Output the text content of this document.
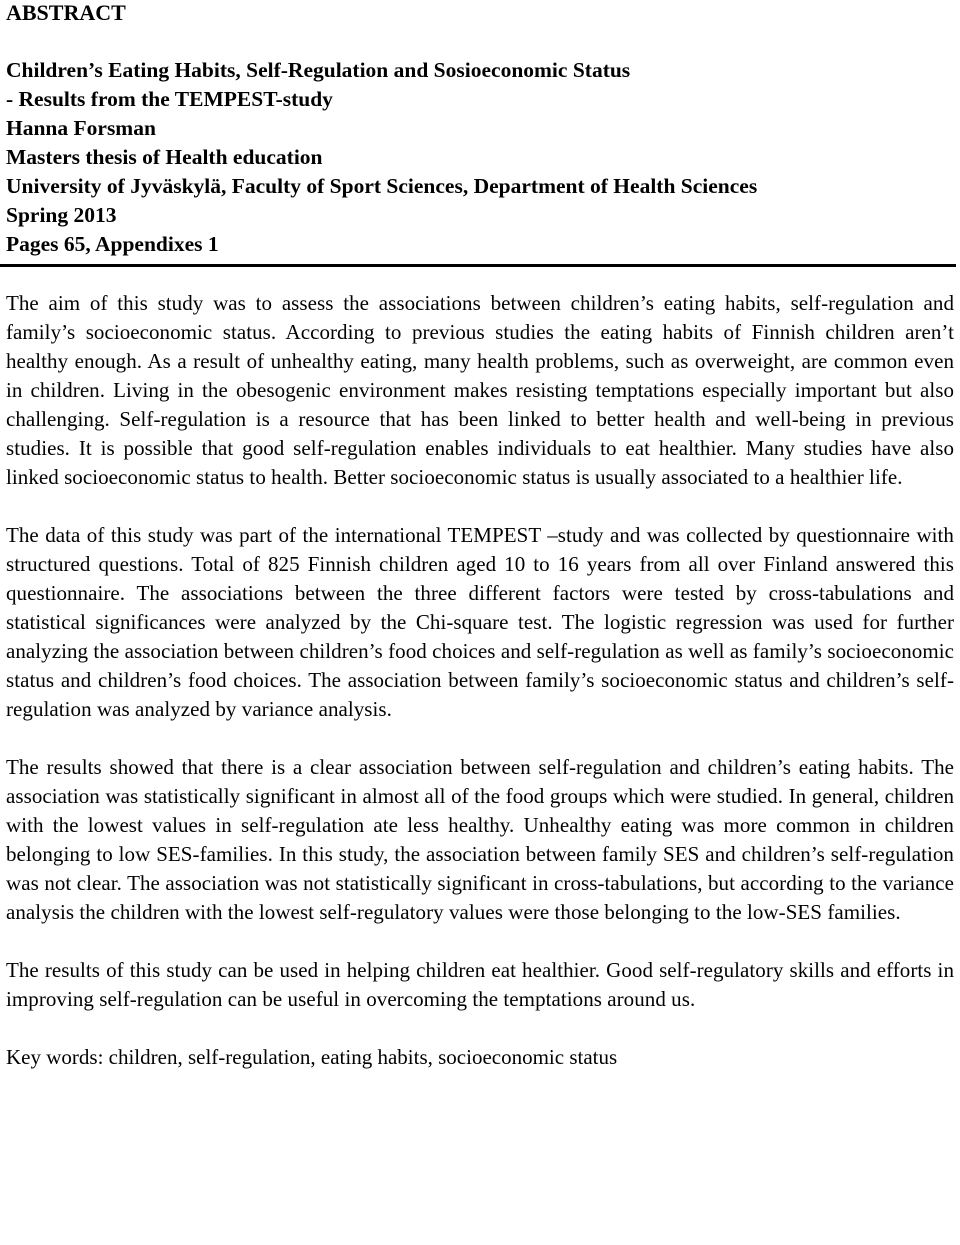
ABSTRACT
Children’s Eating Habits, Self-Regulation and Sosioeconomic Status
- Results from the TEMPEST-study
Hanna Forsman
Masters thesis of Health education
University of Jyväskylä, Faculty of Sport Sciences, Department of Health Sciences
Spring 2013
Pages 65, Appendixes 1

The aim of this study was to assess the associations between children’s eating habits, self-regulation and family’s socioeconomic status. According to previous studies the eating habits of Finnish children aren’t healthy enough. As a result of unhealthy eating, many health problems, such as overweight, are common even in children. Living in the obesogenic environment makes resisting temptations especially important but also challenging. Self-regulation is a resource that has been linked to better health and well-being in previous studies. It is possible that good self-regulation enables individuals to eat healthier. Many studies have also linked socioeconomic status to health. Better socioeconomic status is usually associated to a healthier life.

The data of this study was part of the international TEMPEST –study and was collected by questionnaire with structured questions. Total of 825 Finnish children aged 10 to 16 years from all over Finland answered this questionnaire. The associations between the three different factors were tested by cross-tabulations and statistical significances were analyzed by the Chi-square test. The logistic regression was used for further analyzing the association between children’s food choices and self-regulation as well as family’s socioeconomic status and children’s food choices. The association between family’s socioeconomic status and children’s self-regulation was analyzed by variance analysis.

The results showed that there is a clear association between self-regulation and children’s eating habits. The association was statistically significant in almost all of the food groups which were studied. In general, children with the lowest values in self-regulation ate less healthy. Unhealthy eating was more common in children belonging to low SES-families. In this study, the association between family SES and children’s self-regulation was not clear. The association was not statistically significant in cross-tabulations, but according to the variance analysis the children with the lowest self-regulatory values were those belonging to the low-SES families.

The results of this study can be used in helping children eat healthier. Good self-regulatory skills and efforts in improving self-regulation can be useful in overcoming the temptations around us.

Key words: children, self-regulation, eating habits, socioeconomic status
